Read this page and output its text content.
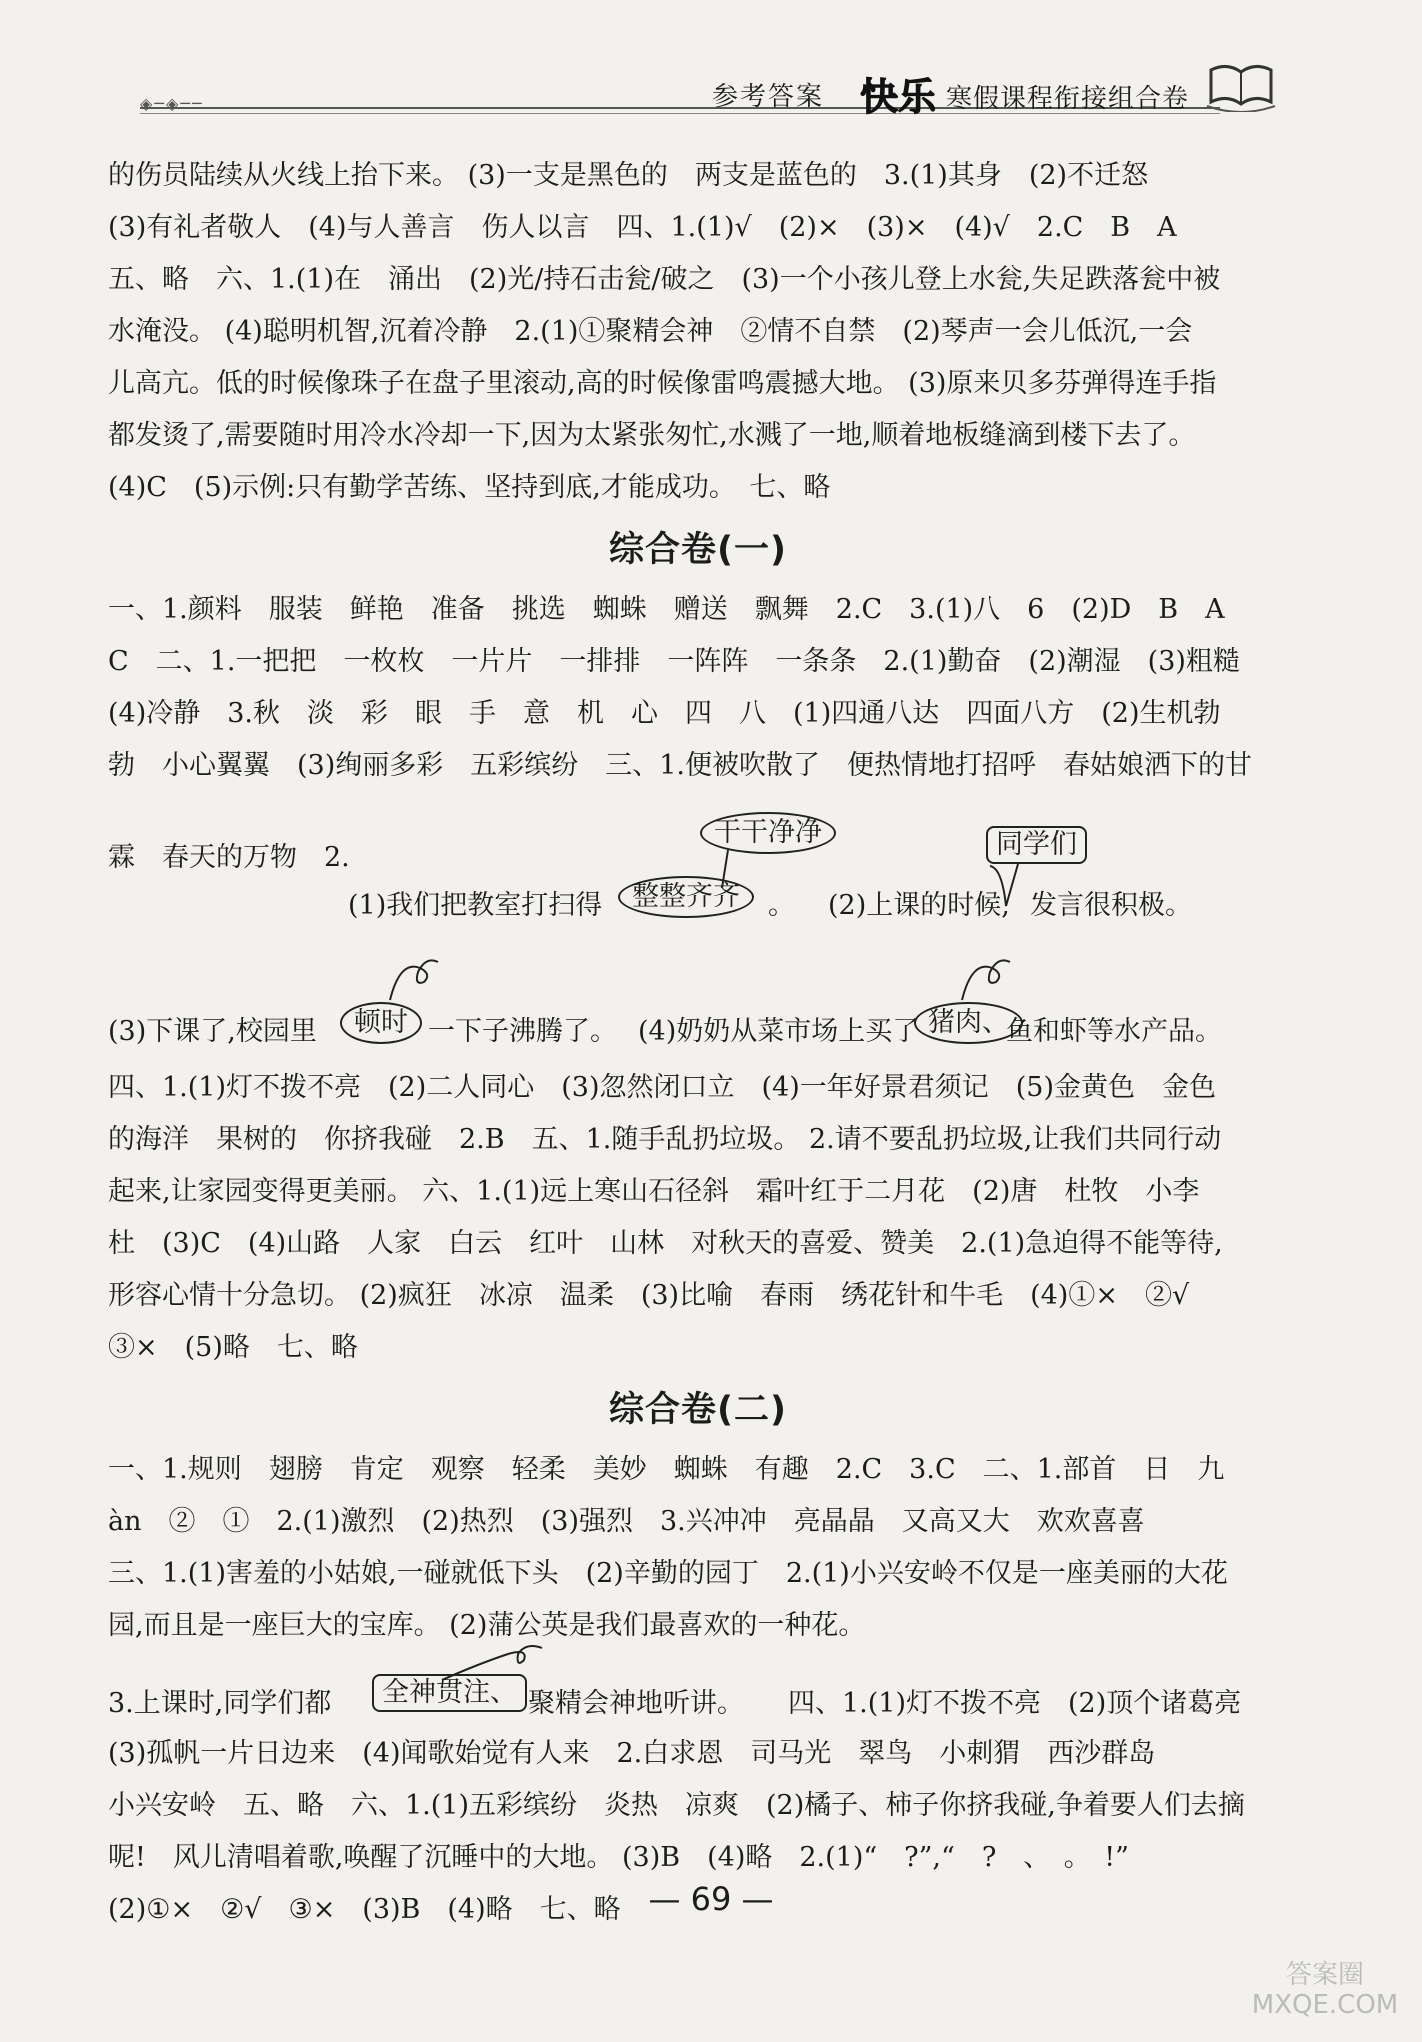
◈─◈──	参考答案 快乐 寒假课程衔接组合卷

的伤员陆续从火线上抬下来。 (3)一支是黑色的　两支是蓝色的　3.(1)其身　(2)不迁怒

(3)有礼者敬人　(4)与人善言　伤人以言　四、1.(1)√　(2)×　(3)×　(4)√　2.C　B　A

五、略　六、1.(1)在　涌出　(2)光/持石击瓮/破之　(3)一个小孩儿登上水瓮,失足跌落瓮中被

水淹没。 (4)聪明机智,沉着冷静　2.(1)①聚精会神　②情不自禁　(2)琴声一会儿低沉,一会

儿高亢。低的时候像珠子在盘子里滚动,高的时候像雷鸣震撼大地。 (3)原来贝多芬弹得连手指

都发烫了,需要随时用冷水冷却一下,因为太紧张匆忙,水溅了一地,顺着地板缝滴到楼下去了。

(4)C　(5)示例:只有勤学苦练、坚持到底,才能成功。　七、略

综合卷(一)

一、1.颜料　服装　鲜艳　准备　挑选　蜘蛛　赠送　飘舞　2.C　3.(1)八　6　(2)D　B　A

C　二、1.一把把　一枚枚　一片片　一排排　一阵阵　一条条　2.(1)勤奋　(2)潮湿　(3)粗糙

(4)冷静　3.秋　淡　彩　眼　手　意　机　心　四　八　(1)四通八达　四面八方　(2)生机勃

勃　小心翼翼　(3)绚丽多彩　五彩缤纷　三、1.便被吹散了　便热情地打招呼　春姑娘洒下的甘

霖　春天的万物　2.
干干净净
(1)我们把教室打扫得	整整齐齐	。
同学们
(2)上课的时候, 发言很积极。
(3)下课了,校园里	顿时 一下子沸腾了。 (4)奶奶从菜市场上买了 猪肉、
鱼和虾等水产品。

四、1.(1)灯不拨不亮　(2)二人同心　(3)忽然闭口立　(4)一年好景君须记　(5)金黄色　金色

的海洋　果树的　你挤我碰　2.B　五、1.随手乱扔垃圾。 2.请不要乱扔垃圾,让我们共同行动

起来,让家园变得更美丽。 六、1.(1)远上寒山石径斜　霜叶红于二月花　(2)唐　杜牧　小李

杜　(3)C　(4)山路　人家　白云　红叶　山林　对秋天的喜爱、赞美　2.(1)急迫得不能等待,

形容心情十分急切。 (2)疯狂　冰凉　温柔　(3)比喻　春雨　绣花针和牛毛　(4)①×　②√

③×　(5)略　七、略

综合卷(二)

一、1.规则　翅膀　肯定　观察　轻柔　美妙　蜘蛛　有趣　2.C　3.C　二、1.部首　日　九

àn　②　①　2.(1)激烈　(2)热烈　(3)强烈　3.兴冲冲　亮晶晶　又高又大　欢欢喜喜

三、1.(1)害羞的小姑娘,一碰就低下头　(2)辛勤的园丁　2.(1)小兴安岭不仅是一座美丽的大花

园,而且是一座巨大的宝库。 (2)蒲公英是我们最喜欢的一种花。

3.上课时,同学们都	全神贯注、 聚精会神地听讲。 四、1.(1)灯不拨不亮　(2)顶个诸葛亮

(3)孤帆一片日边来　(4)闻歌始觉有人来　2.白求恩　司马光　翠鸟　小刺猬　西沙群岛

小兴安岭　五、略　六、1.(1)五彩缤纷　炎热　凉爽　(2)橘子、柿子你挤我碰,争着要人们去摘

呢!　风儿清唱着歌,唤醒了沉睡中的大地。 (3)B　(4)略　2.(1)“　?”,“　?　、　。　!”

(2)①×　②√　③×　(3)B　(4)略　七、略 — 69 —
答案圈 MXQE.COM
